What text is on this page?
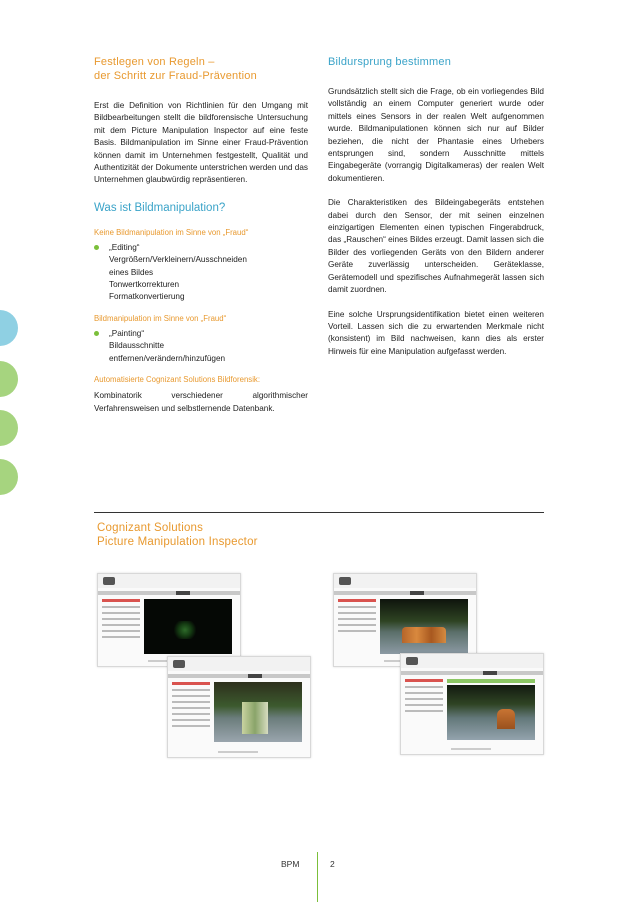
Festlegen von Regeln –
der Schritt zur Fraud-Prävention

Erst die Definition von Richtlinien für den Umgang mit Bildbearbeitungen stellt die bildforensische Untersuchung mit dem Picture Manipulation Inspector auf eine feste Basis. Bildmanipulation im Sinne einer Fraud-Prävention können damit im Unternehmen festgestellt, Qualität und Authentizität der Dokumente unterstrichen werden und das Unternehmen glaubwürdig repräsentieren.

Was ist Bildmanipulation?
Keine Bildmanipulation im Sinne von „Fraud“
„Editing“
Vergrößern/Verkleinern/Ausschneiden
eines Bildes
Tonwertkorrekturen
Formatkonvertierung
Bildmanipulation im Sinne von „Fraud“
„Painting“
Bildausschnitte
entfernen/verändern/hinzufügen
Automatisierte Cognizant Solutions Bildforensik:

Kombinatorik verschiedener algorithmischer Verfahrensweisen und selbstlernende Datenbank.

Bildursprung bestimmen

Grundsätzlich stellt sich die Frage, ob ein vorliegendes Bild vollständig an einem Computer generiert wurde oder mittels eines Sensors in der realen Welt aufgenommen wurde. Bildmanipulationen können sich nur auf Bilder beziehen, die nicht der Phantasie eines Urhebers entsprungen sind, sondern Ausschnitte mittels Eingabegeräte (vorrangig Digitalkameras) der realen Welt dokumentieren.

Die Charakteristiken des Bildeingabegeräts entstehen dabei durch den Sensor, der mit seinen einzelnen einzigartigen Elementen einen typischen Fingerabdruck, das „Rauschen“ eines Bildes erzeugt. Damit lassen sich die Bilder des vorliegenden Geräts von den Bildern anderer Geräte zuverlässig unterscheiden. Geräteklasse, Gerätemodell und spezifisches Aufnahmegerät lassen sich damit zuordnen.

Eine solche Ursprungsidentifikation bietet einen weiteren Vorteil. Lassen sich die zu erwartenden Merkmale nicht (konsistent) im Bild nachweisen, kann dies als erster Hinweis für eine Manipulation aufgefasst werden.

Cognizant Solutions
Picture Manipulation Inspector
BPM	2
